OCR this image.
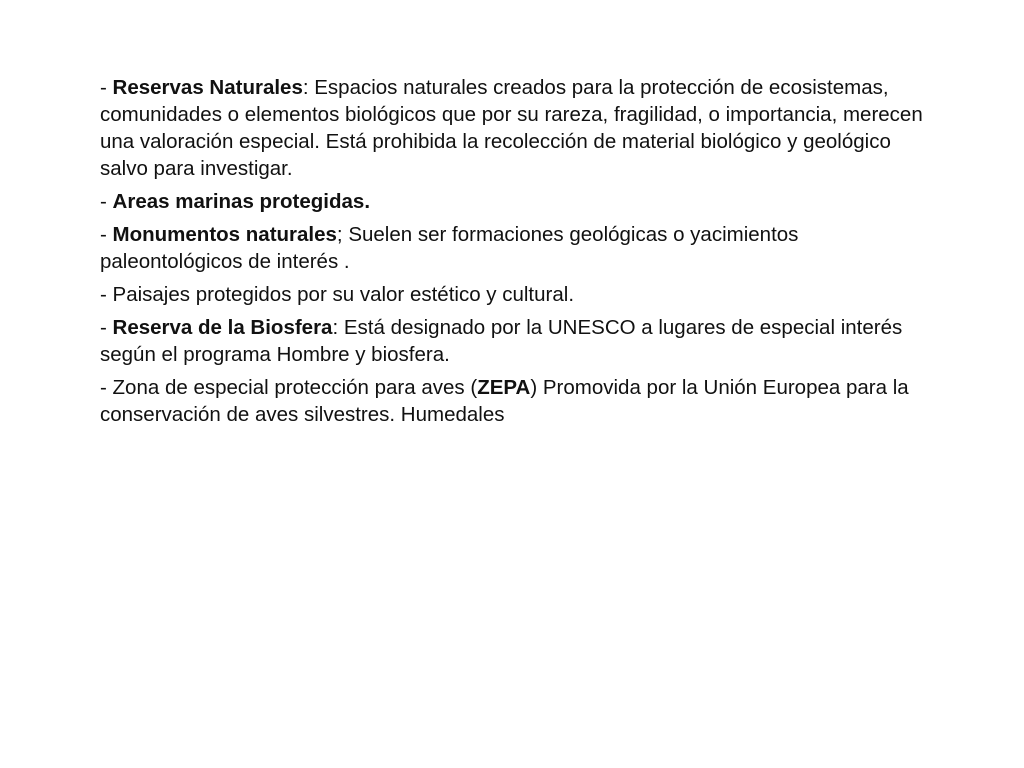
- Reservas Naturales: Espacios naturales creados para la protección de ecosistemas, comunidades o elementos biológicos que por su rareza, fragilidad, o importancia, merecen una valoración especial. Está prohibida la recolección de material biológico y geológico salvo para investigar.

- Areas marinas protegidas.

- Monumentos naturales; Suelen ser formaciones geológicas o yacimientos paleontológicos de interés .

- Paisajes protegidos por su valor estético y cultural.

- Reserva de la Biosfera: Está designado por la UNESCO a lugares de especial interés según el programa Hombre y biosfera.

- Zona de especial protección para aves (ZEPA) Promovida por la Unión Europea para la conservación de aves silvestres. Humedales
